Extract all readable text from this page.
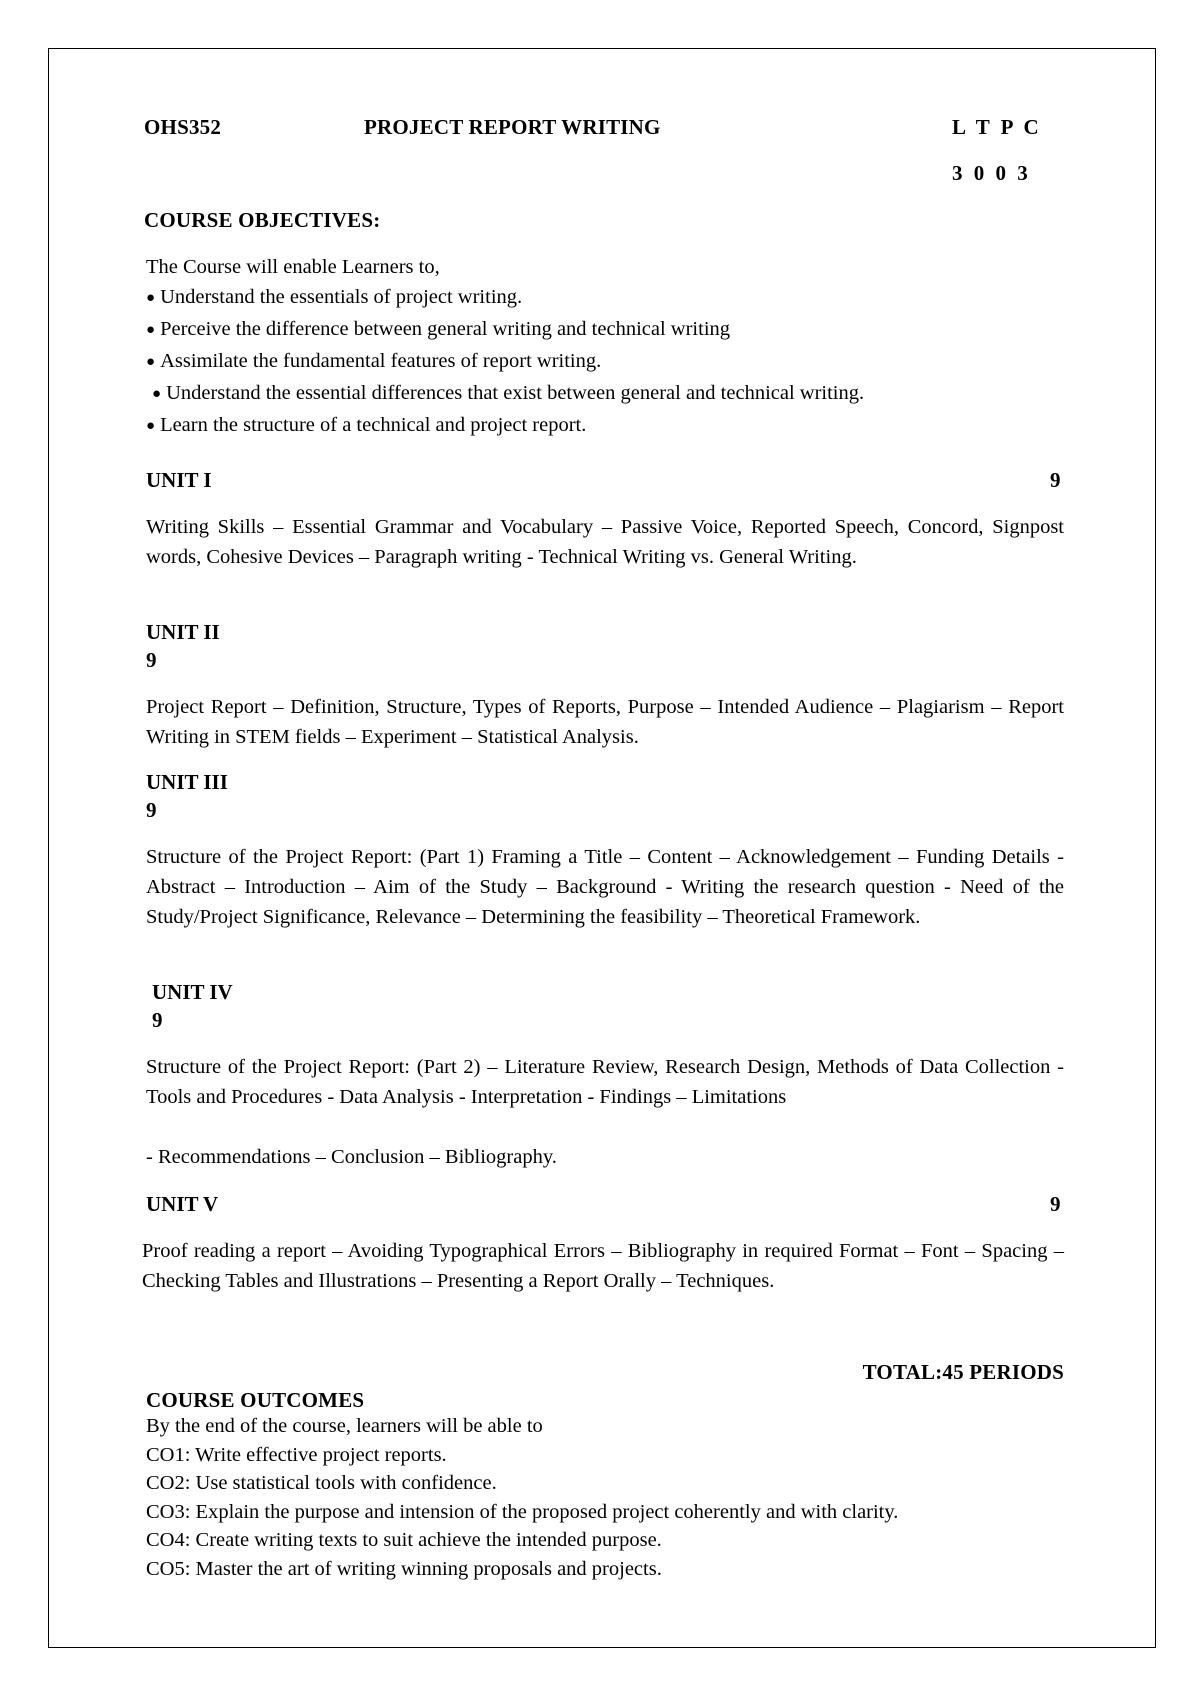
OHS352	PROJECT REPORT WRITING	L T P C
3 0 0 3
COURSE OBJECTIVES:
The Course will enable Learners to,
● Understand the essentials of project writing.
● Perceive the difference between general writing and technical writing
● Assimilate the fundamental features of report writing.
● Understand the essential differences that exist between general and technical writing.
● Learn the structure of a technical and project report.
UNIT I	9
Writing Skills – Essential Grammar and Vocabulary – Passive Voice, Reported Speech, Concord, Signpost words, Cohesive Devices – Paragraph writing - Technical Writing vs. General Writing.
UNIT II
9
Project Report – Definition, Structure, Types of Reports, Purpose – Intended Audience – Plagiarism – Report Writing in STEM fields – Experiment – Statistical Analysis.
UNIT III
9
Structure of the Project Report: (Part 1) Framing a Title – Content – Acknowledgement – Funding Details -Abstract – Introduction – Aim of the Study – Background - Writing the research question - Need of the Study/Project Significance, Relevance – Determining the feasibility – Theoretical Framework.
UNIT IV
9
Structure of the Project Report: (Part 2) – Literature Review, Research Design, Methods of Data Collection - Tools and Procedures - Data Analysis - Interpretation - Findings – Limitations
- Recommendations – Conclusion – Bibliography.
UNIT V	9
Proof reading a report – Avoiding Typographical Errors – Bibliography in required Format – Font – Spacing – Checking Tables and Illustrations – Presenting a Report Orally – Techniques.
TOTAL:45 PERIODS
COURSE OUTCOMES
By the end of the course, learners will be able to
CO1: Write effective project reports.
CO2: Use statistical tools with confidence.
CO3: Explain the purpose and intension of the proposed project coherently and with clarity.
CO4: Create writing texts to suit achieve the intended purpose.
CO5: Master the art of writing winning proposals and projects.
